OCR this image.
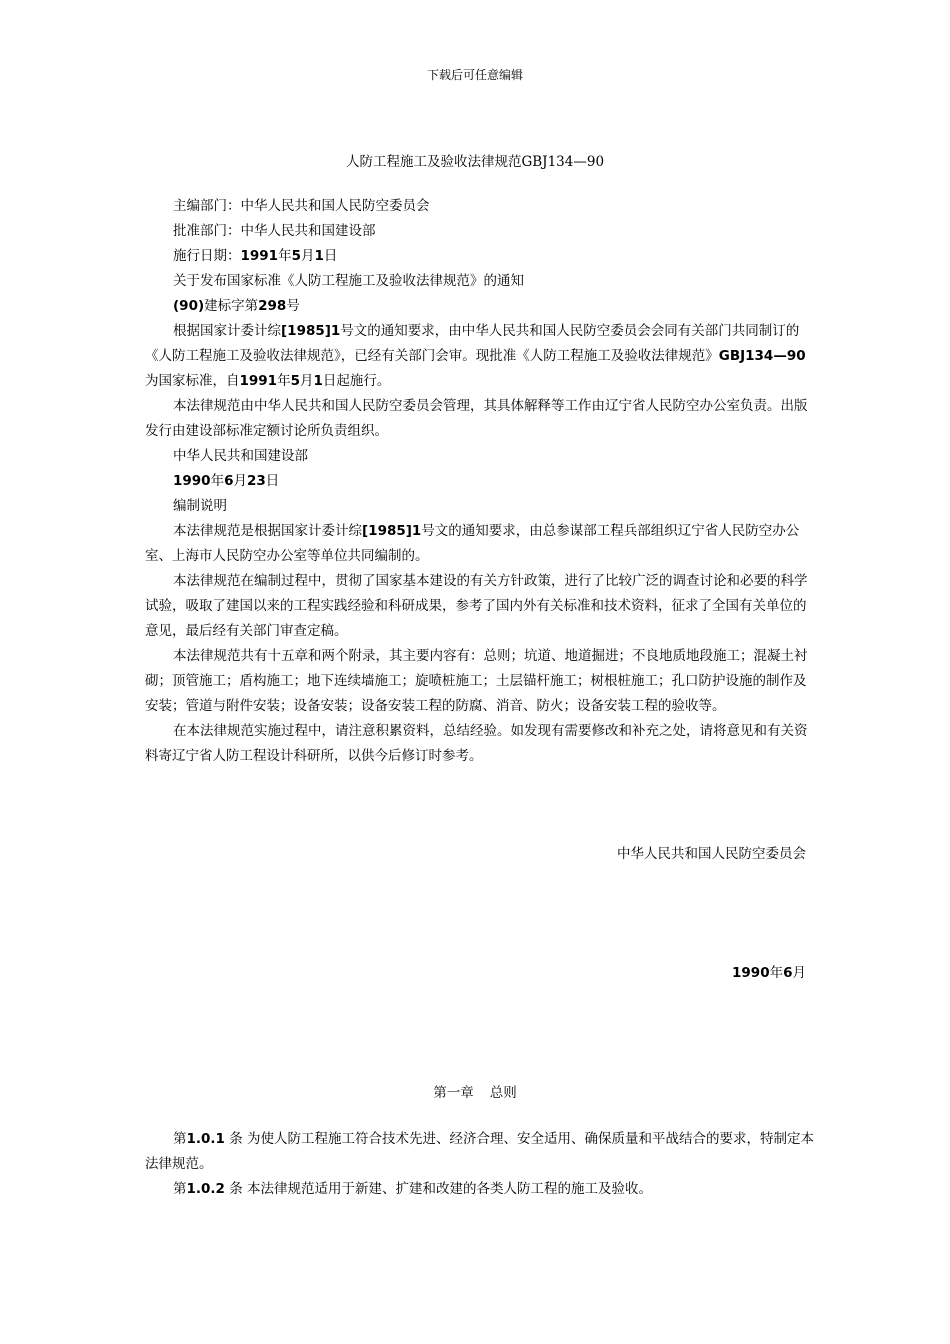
下载后可任意编辑
人防工程施工及验收法律规范GBJ134—90

主编部门：中华人民共和国人民防空委员会

批准部门：中华人民共和国建设部

施行日期：1991年5月1日

关于发布国家标准《人防工程施工及验收法律规范》的通知

(90)建标字第298号

根据国家计委计综[1985]1号文的通知要求，由中华人民共和国人民防空委员会会同有关部门共同制订的《人防工程施工及验收法律规范》，已经有关部门会审。现批准《人防工程施工及验收法律规范》GBJ134—90为国家标准，自1991年5月1日起施行。

本法律规范由中华人民共和国人民防空委员会管理，其具体解释等工作由辽宁省人民防空办公室负责。出版发行由建设部标准定额讨论所负责组织。

中华人民共和国建设部

1990年6月23日

编制说明

本法律规范是根据国家计委计综[1985]1号文的通知要求，由总参谋部工程兵部组织辽宁省人民防空办公室、上海市人民防空办公室等单位共同编制的。

本法律规范在编制过程中，贯彻了国家基本建设的有关方针政策，进行了比较广泛的调查讨论和必要的科学试验，吸取了建国以来的工程实践经验和科研成果，参考了国内外有关标准和技术资料，征求了全国有关单位的意见，最后经有关部门审查定稿。

本法律规范共有十五章和两个附录，其主要内容有：总则；坑道、地道掘进；不良地质地段施工；混凝土衬砌；顶管施工；盾构施工；地下连续墙施工；旋喷桩施工；土层锚杆施工；树根桩施工；孔口防护设施的制作及安装；管道与附件安装；设备安装；设备安装工程的防腐、消音、防火；设备安装工程的验收等。

在本法律规范实施过程中，请注意积累资料，总结经验。如发现有需要修改和补充之处，请将意见和有关资料寄辽宁省人防工程设计科研所，以供今后修订时参考。

中华人民共和国人民防空委员会
1990年6月
第一章 总则

第1.0.1 条 为使人防工程施工符合技术先进、经济合理、安全适用、确保质量和平战结合的要求，特制定本法律规范。

第1.0.2 条 本法律规范适用于新建、扩建和改建的各类人防工程的施工及验收。
